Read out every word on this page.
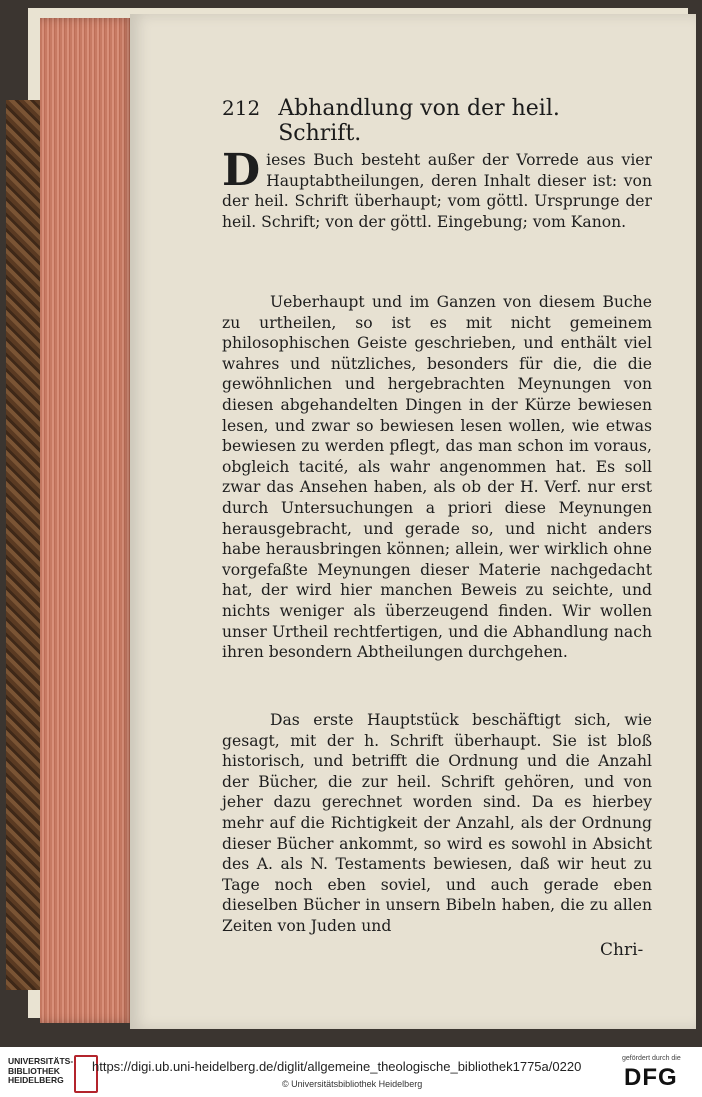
212 Abhandlung von der heil. Schrift.

Dieses Buch besteht außer der Vorrede aus vier Hauptabtheilungen, deren Inhalt dieser ist: von der heil. Schrift überhaupt; vom göttl. Ursprunge der heil. Schrift; von der göttl. Eingebung; vom Kanon.

Ueberhaupt und im Ganzen von diesem Buche zu urtheilen, so ist es mit nicht gemeinem philosophischen Geiste geschrieben, und enthält viel wahres und nützliches, besonders für die, die die gewöhnlichen und hergebrachten Meynungen von diesen abgehandelten Dingen in der Kürze bewiesen lesen, und zwar so bewiesen lesen wollen, wie etwas bewiesen zu werden pflegt, das man schon im voraus, obgleich tacité, als wahr angenommen hat. Es soll zwar das Ansehen haben, als ob der H. Verf. nur erst durch Untersuchungen a priori diese Meynungen herausgebracht, und gerade so, und nicht anders habe herausbringen können; allein, wer wirklich ohne vorgefaßte Meynungen dieser Materie nachgedacht hat, der wird hier manchen Beweis zu seichte, und nichts weniger als überzeugend finden. Wir wollen unser Urtheil rechtfertigen, und die Abhandlung nach ihren besondern Abtheilungen durchgehen.

Das erste Hauptstück beschäftigt sich, wie gesagt, mit der h. Schrift überhaupt. Sie ist bloß historisch, und betrifft die Ordnung und die Anzahl der Bücher, die zur heil. Schrift gehören, und von jeher dazu gerechnet worden sind. Da es hierbey mehr auf die Richtigkeit der Anzahl, als der Ordnung dieser Bücher ankommt, so wird es sowohl in Absicht des A. als N. Testaments bewiesen, daß wir heut zu Tage noch eben soviel, und auch gerade eben dieselben Bücher in unsern Bibeln haben, die zu allen Zeiten von Juden und

Chri-
UNIVERSITÄTS-
BIBLIOTHEK
HEIDELBERG
https://digi.ub.uni-heidelberg.de/diglit/allgemeine_theologische_bibliothek1775a/0220
© Universitätsbibliothek Heidelberg
gefördert durch die
DFG
